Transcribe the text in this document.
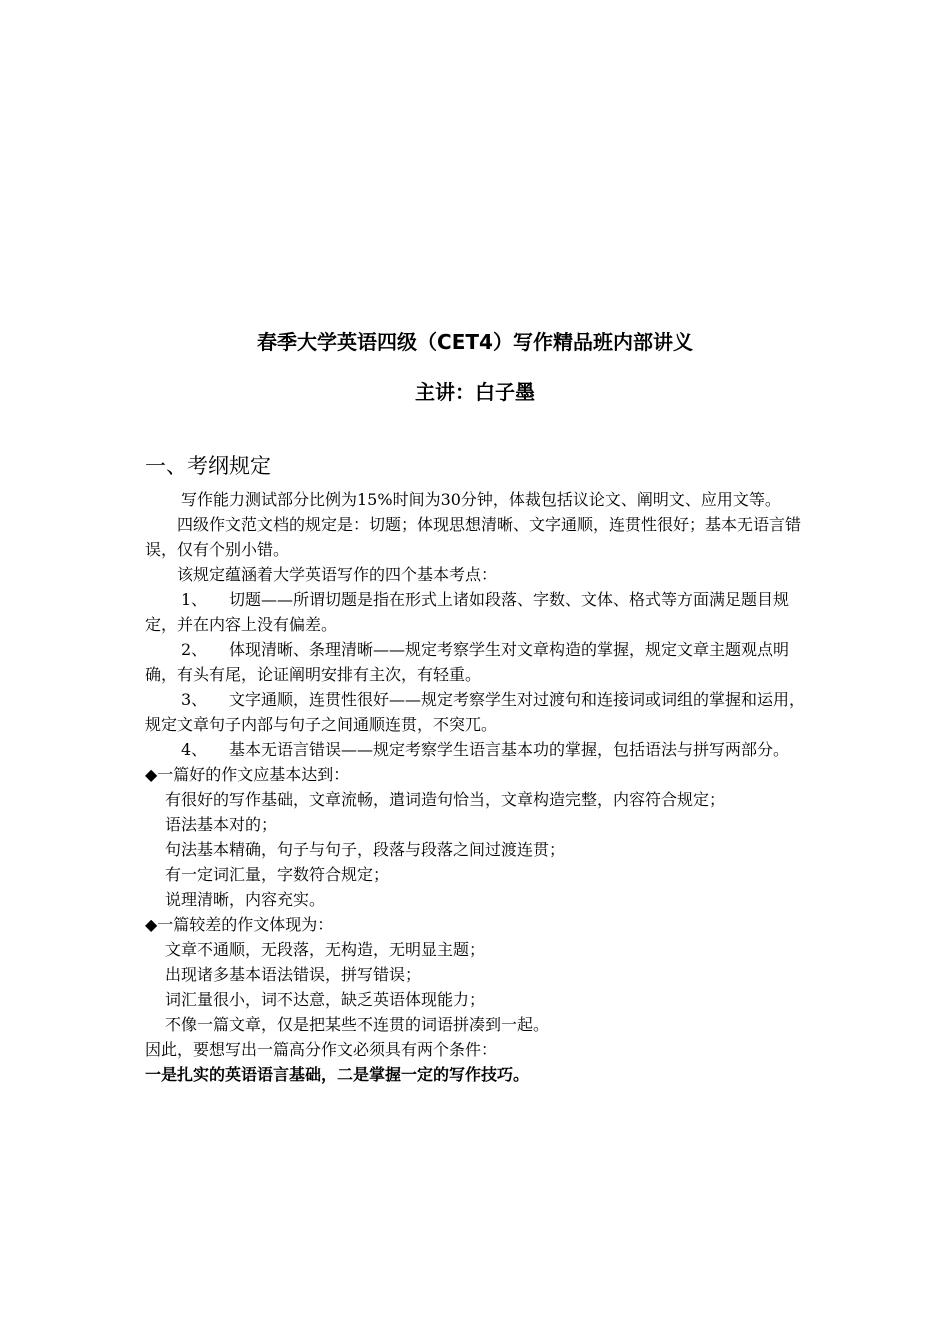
春季大学英语四级（CET4）写作精品班内部讲义
主讲：白子墨
一、考纲规定

写作能力测试部分比例为15%时间为30分钟，体裁包括议论文、阐明文、应用文等。

四级作文范文档的规定是：切题；体现思想清晰、文字通顺，连贯性很好；基本无语言错误，仅有个别小错。

该规定蕴涵着大学英语写作的四个基本考点：

1、 切题——所谓切题是指在形式上诸如段落、字数、文体、格式等方面满足题目规定，并在内容上没有偏差。

2、 体现清晰、条理清晰——规定考察学生对文章构造的掌握，规定文章主题观点明确，有头有尾，论证阐明安排有主次，有轻重。

3、 文字通顺，连贯性很好——规定考察学生对过渡句和连接词或词组的掌握和运用，规定文章句子内部与句子之间通顺连贯，不突兀。

4、 基本无语言错误——规定考察学生语言基本功的掌握，包括语法与拼写两部分。

◆一篇好的作文应基本达到：

有很好的写作基础，文章流畅，遣词造句恰当，文章构造完整，内容符合规定；

语法基本对的；

句法基本精确，句子与句子，段落与段落之间过渡连贯；

有一定词汇量，字数符合规定；

说理清晰，内容充实。

◆一篇较差的作文体现为：

文章不通顺，无段落，无构造，无明显主题；

出现诸多基本语法错误，拼写错误；

词汇量很小，词不达意，缺乏英语体现能力；

不像一篇文章，仅是把某些不连贯的词语拼凑到一起。

因此，要想写出一篇高分作文必须具有两个条件：

一是扎实的英语语言基础，二是掌握一定的写作技巧。
